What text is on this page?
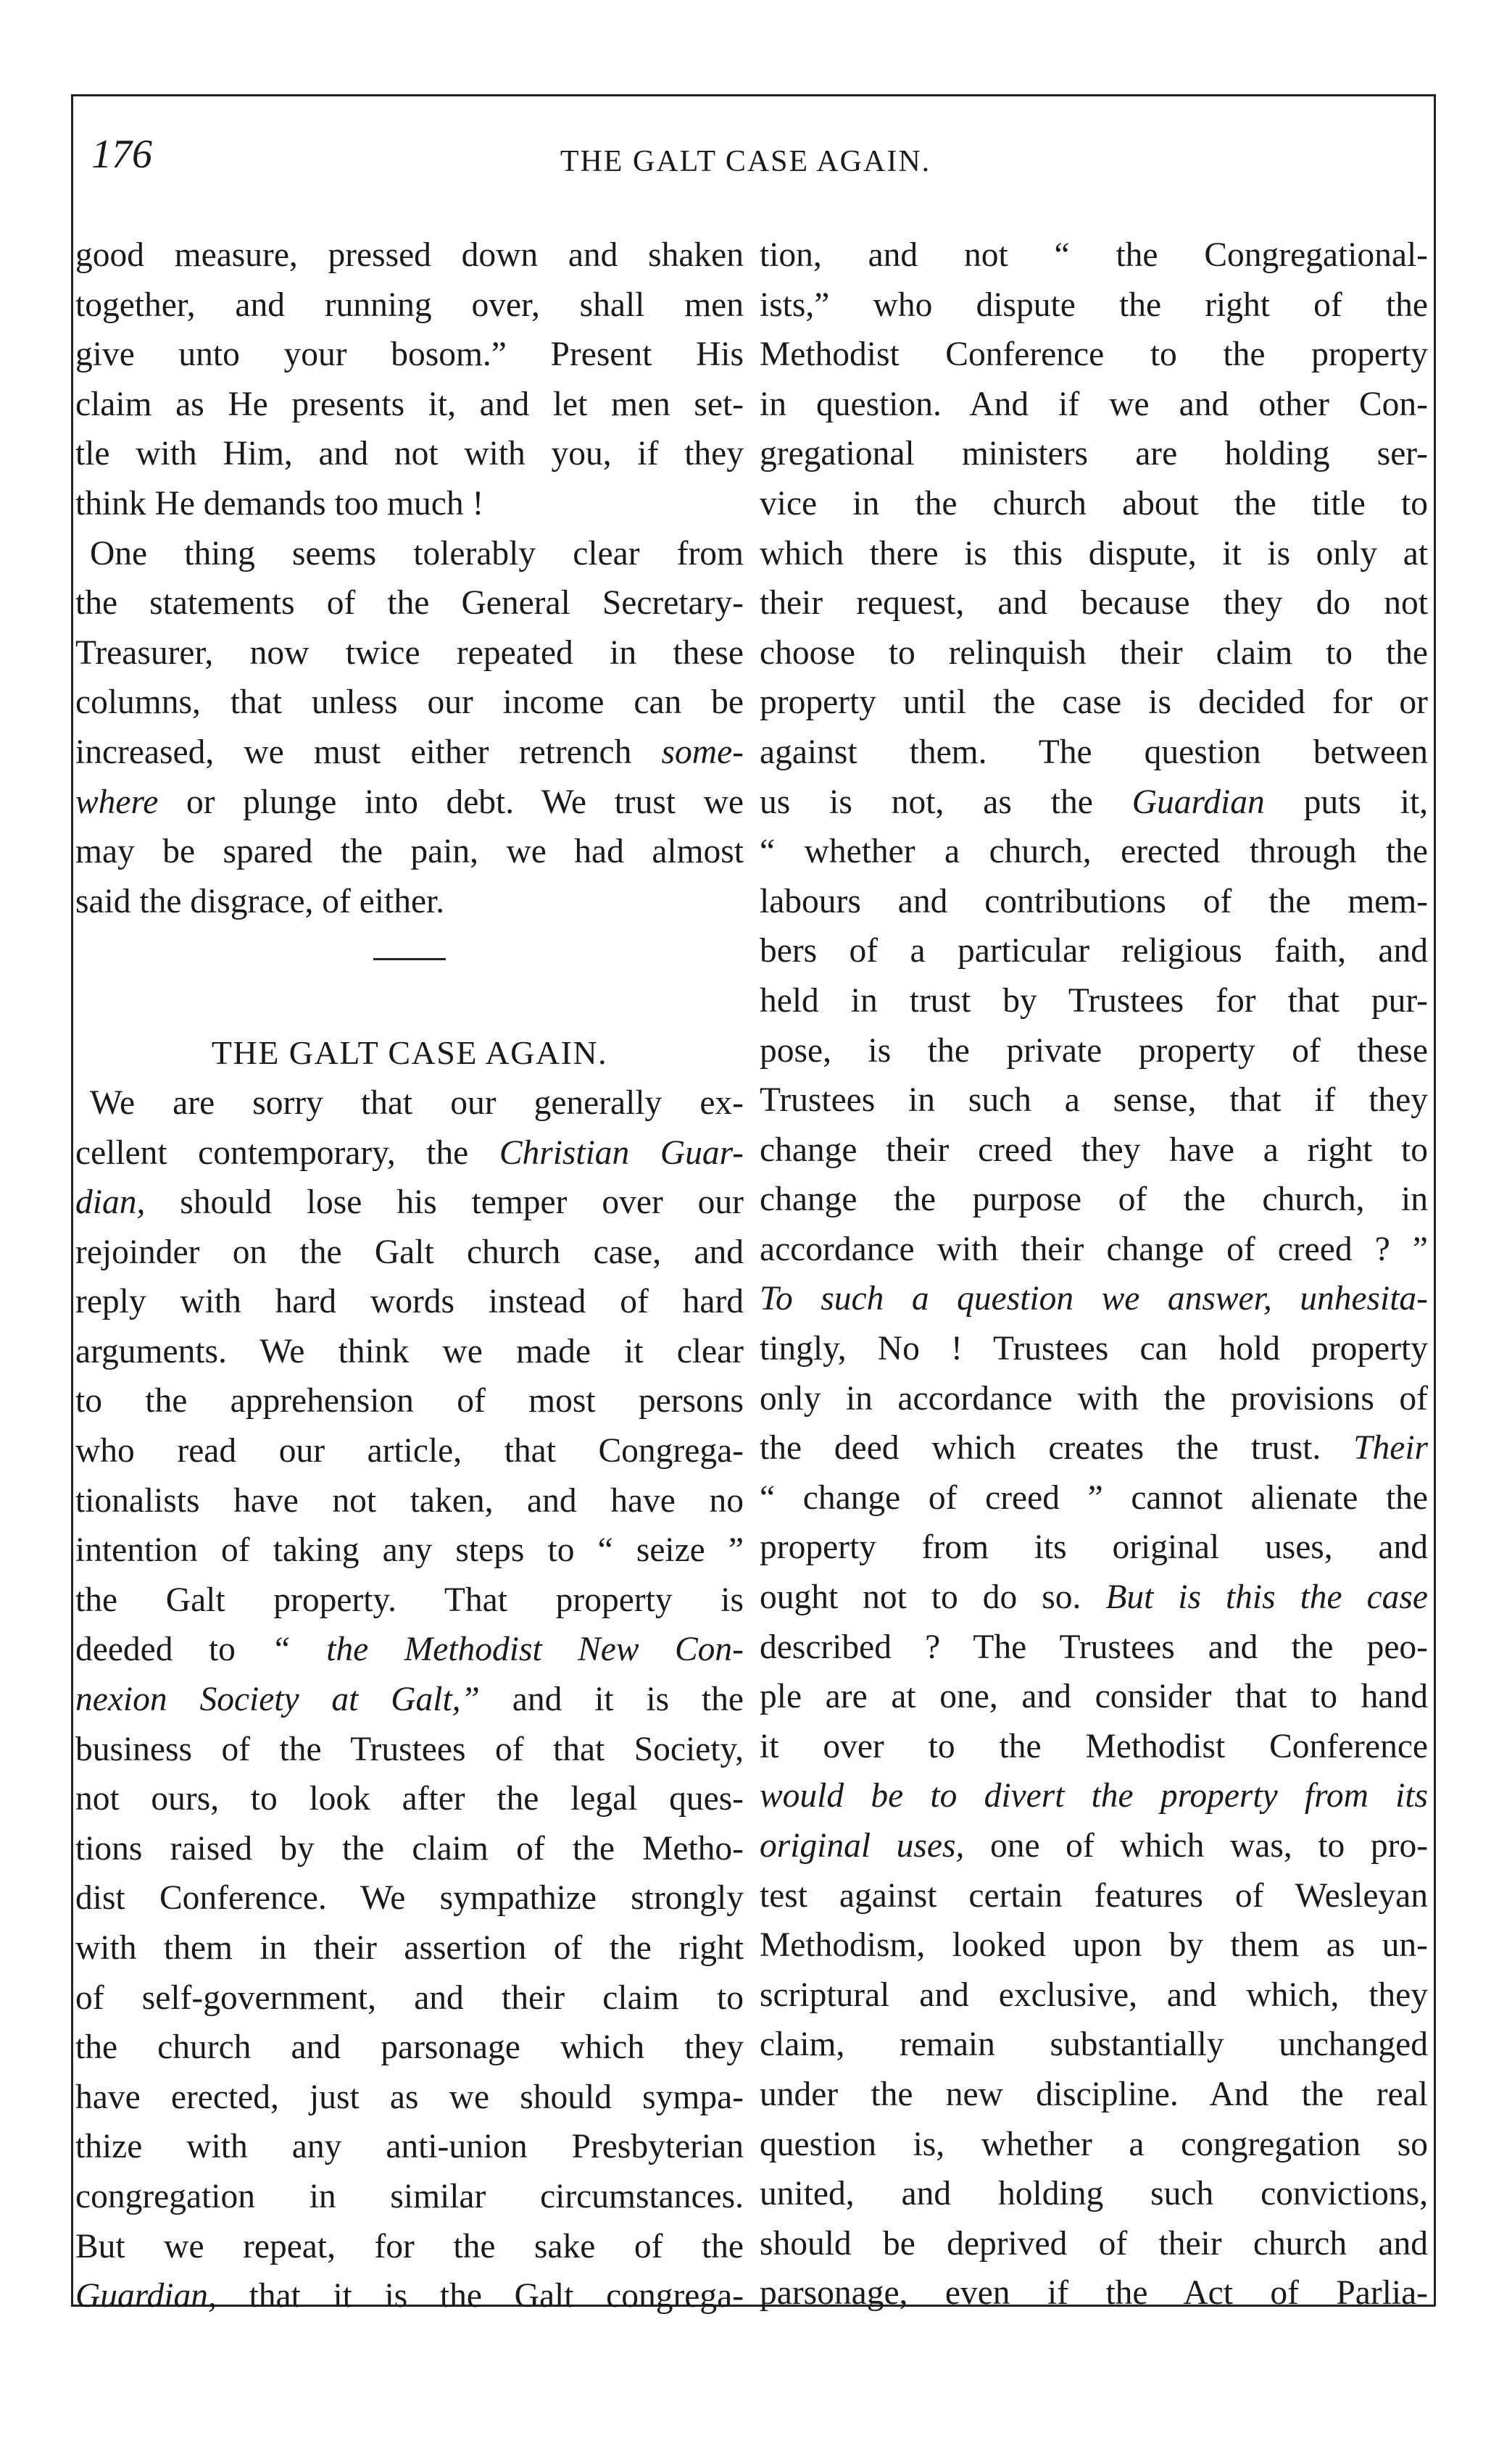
176	THE GALT CASE AGAIN.
good measure, pressed down and shaken
together, and running over, shall men
give unto your bosom.” Present His
claim as He presents it, and let men set-
tle with Him, and not with you, if they
think He demands too much !
One thing seems tolerably clear from
the statements of the General Secretary-
Treasurer, now twice repeated in these
columns, that unless our income can be
increased, we must either retrench some-
where or plunge into debt. We trust we
may be spared the pain, we had almost
said the disgrace, of either.
THE GALT CASE AGAIN.
We are sorry that our generally ex-
cellent contemporary, the Christian Guar-
dian, should lose his temper over our
rejoinder on the Galt church case, and
reply with hard words instead of hard
arguments. We think we made it clear
to the apprehension of most persons
who read our article, that Congrega-
tionalists have not taken, and have no
intention of taking any steps to “ seize ”
the Galt property. That property is
deeded to “ the Methodist New Con-
nexion Society at Galt,” and it is the
business of the Trustees of that Society,
not ours, to look after the legal ques-
tions raised by the claim of the Metho-
dist Conference. We sympathize strongly
with them in their assertion of the right
of self-government, and their claim to
the church and parsonage which they
have erected, just as we should sympa-
thize with any anti-union Presbyterian
congregation in similar circumstances.
But we repeat, for the sake of the
Guardian, that it is the Galt congrega-
tion, and not “ the Congregational-
ists,” who dispute the right of the
Methodist Conference to the property
in question. And if we and other Con-
gregational ministers are holding ser-
vice in the church about the title to
which there is this dispute, it is only at
their request, and because they do not
choose to relinquish their claim to the
property until the case is decided for or
against them. The question between
us is not, as the Guardian puts it,
“ whether a church, erected through the
labours and contributions of the mem-
bers of a particular religious faith, and
held in trust by Trustees for that pur-
pose, is the private property of these
Trustees in such a sense, that if they
change their creed they have a right to
change the purpose of the church, in
accordance with their change of creed ? ”
To such a question we answer, unhesita-
tingly, No ! Trustees can hold property
only in accordance with the provisions of
the deed which creates the trust. Their
“ change of creed ” cannot alienate the
property from its original uses, and
ought not to do so. But is this the case
described ? The Trustees and the peo-
ple are at one, and consider that to hand
it over to the Methodist Conference
would be to divert the property from its
original uses, one of which was, to pro-
test against certain features of Wesleyan
Methodism, looked upon by them as un-
scriptural and exclusive, and which, they
claim, remain substantially unchanged
under the new discipline. And the real
question is, whether a congregation so
united, and holding such convictions,
should be deprived of their church and
parsonage, even if the Act of Parlia-
